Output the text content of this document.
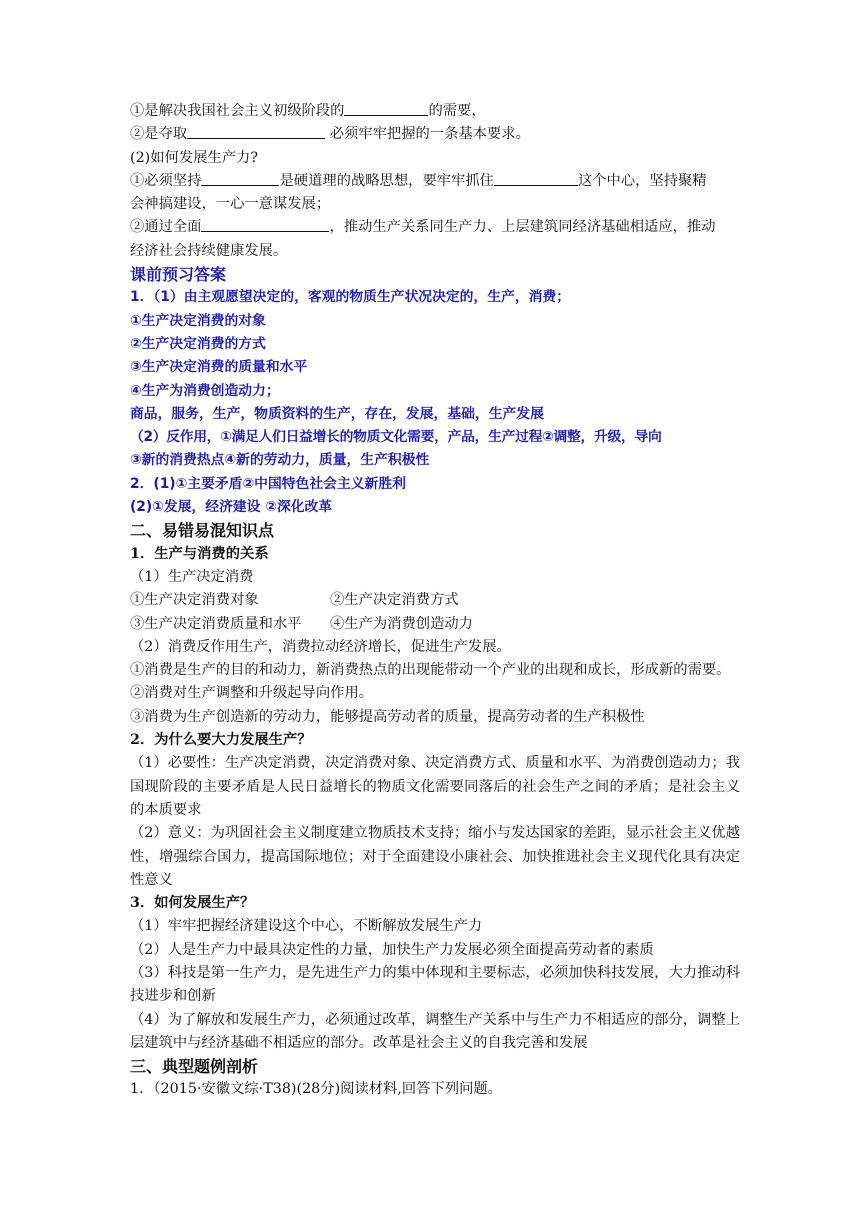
①是解决我国社会主义初级阶段的	的需要，
②是夺取	必须牢牢把握的一条基本要求。
(2)如何发展生产力?
①必须坚持	是硬道理的战略思想，要牢牢抓住	这个中心，坚持聚精
会神搞建设，一心一意谋发展；
②通过全面	，推动生产关系同生产力、上层建筑同经济基础相适应，推动
经济社会持续健康发展。
课前预习答案
1．（1）由主观愿望决定的，客观的物质生产状况决定的，生产，消费；
①生产决定消费的对象
②生产决定消费的方式
③生产决定消费的质量和水平
④生产为消费创造动力；
商品，服务，生产，物质资料的生产，存在，发展，基础，生产发展
（2）反作用，①满足人们日益增长的物质文化需要，产品，生产过程②调整，升级，导向
③新的消费热点④新的劳动力，质量，生产积极性
2．(1)①主要矛盾②中国特色社会主义新胜利
(2)①发展，经济建设 ②深化改革
二、易错易混知识点
1．生产与消费的关系
（1）生产决定消费
①生产决定消费对象	②生产决定消费方式
③生产决定消费质量和水平 ④生产为消费创造动力
（2）消费反作用生产，消费拉动经济增长，促进生产发展。
①消费是生产的目的和动力，新消费热点的出现能带动一个产业的出现和成长，形成新的需要。
②消费对生产调整和升级起导向作用。
③消费为生产创造新的劳动力，能够提高劳动者的质量，提高劳动者的生产积极性
2．为什么要大力发展生产？
（1）必要性：生产决定消费，决定消费对象、决定消费方式、质量和水平、为消费创造动力；我国现阶段的主要矛盾是人民日益增长的物质文化需要同落后的社会生产之间的矛盾；是社会主义的本质要求
（2）意义：为巩固社会主义制度建立物质技术支持；缩小与发达国家的差距，显示社会主义优越性，增强综合国力，提高国际地位；对于全面建设小康社会、加快推进社会主义现代化具有决定性意义
3．如何发展生产？
（1）牢牢把握经济建设这个中心，不断解放发展生产力
（2）人是生产力中最具决定性的力量，加快生产力发展必须全面提高劳动者的素质
（3）科技是第一生产力，是先进生产力的集中体现和主要标志，必须加快科技发展，大力推动科技进步和创新
（4）为了解放和发展生产力，必须通过改革，调整生产关系中与生产力不相适应的部分，调整上层建筑中与经济基础不相适应的部分。改革是社会主义的自我完善和发展
三、典型题例剖析
1．（2015·安徽文综·T38)(28分)阅读材料,回答下列问题。
